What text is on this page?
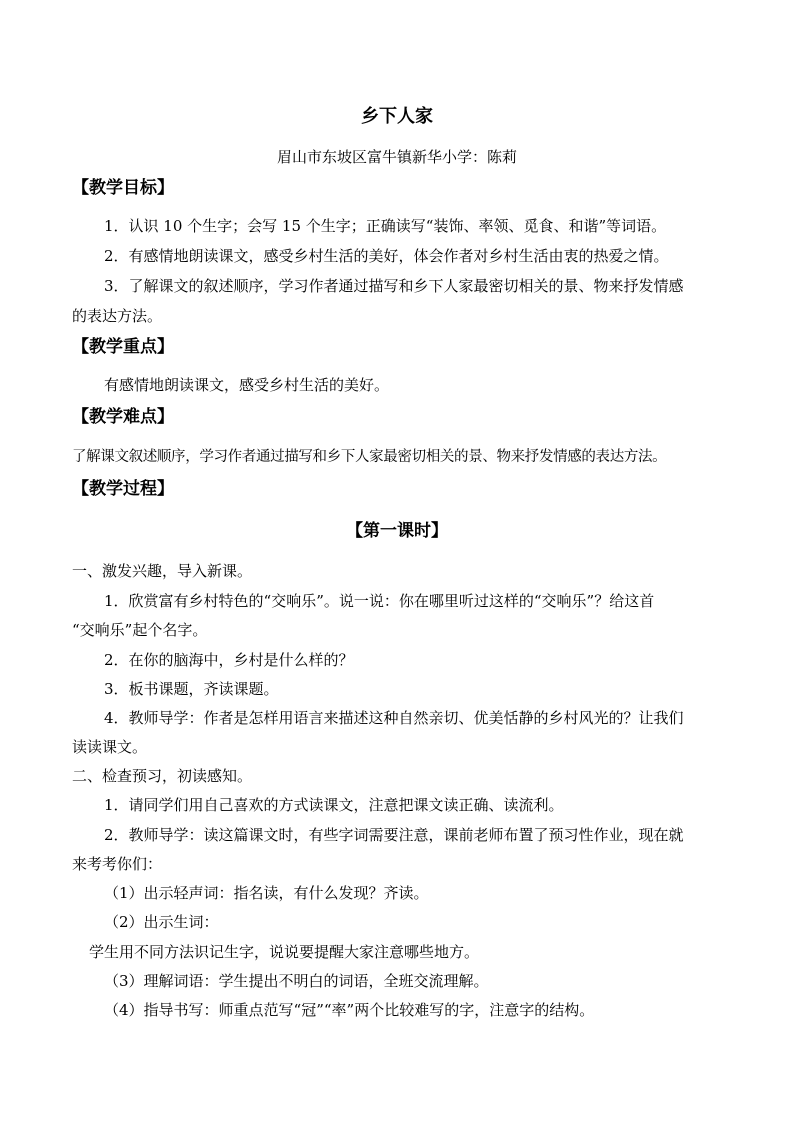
乡下人家
眉山市东坡区富牛镇新华小学：陈莉
【教学目标】
1．认识 10 个生字；会写 15 个生字；正确读写“装饰、率领、觅食、和谐”等词语。
2．有感情地朗读课文，感受乡村生活的美好，体会作者对乡村生活由衷的热爱之情。
3．了解课文的叙述顺序，学习作者通过描写和乡下人家最密切相关的景、物来抒发情感
的表达方法。
【教学重点】
有感情地朗读课文，感受乡村生活的美好。
【教学难点】
了解课文叙述顺序，学习作者通过描写和乡下人家最密切相关的景、物来抒发情感的表达方法。
【教学过程】
【第一课时】
一、激发兴趣，导入新课。
1．欣赏富有乡村特色的“交响乐”。说一说：你在哪里听过这样的“交响乐”？给这首
“交响乐”起个名字。
2．在你的脑海中，乡村是什么样的？
3．板书课题，齐读课题。
4．教师导学：作者是怎样用语言来描述这种自然亲切、优美恬静的乡村风光的？让我们
读读课文。
二、检查预习，初读感知。
1．请同学们用自己喜欢的方式读课文，注意把课文读正确、读流利。
2．教师导学：读这篇课文时，有些字词需要注意，课前老师布置了预习性作业，现在就
来考考你们：
（1）出示轻声词：指名读，有什么发现？齐读。
（2）出示生词：
学生用不同方法识记生字，说说要提醒大家注意哪些地方。
（3）理解词语：学生提出不明白的词语，全班交流理解。
（4）指导书写：师重点范写“冠”“率”两个比较难写的字，注意字的结构。
